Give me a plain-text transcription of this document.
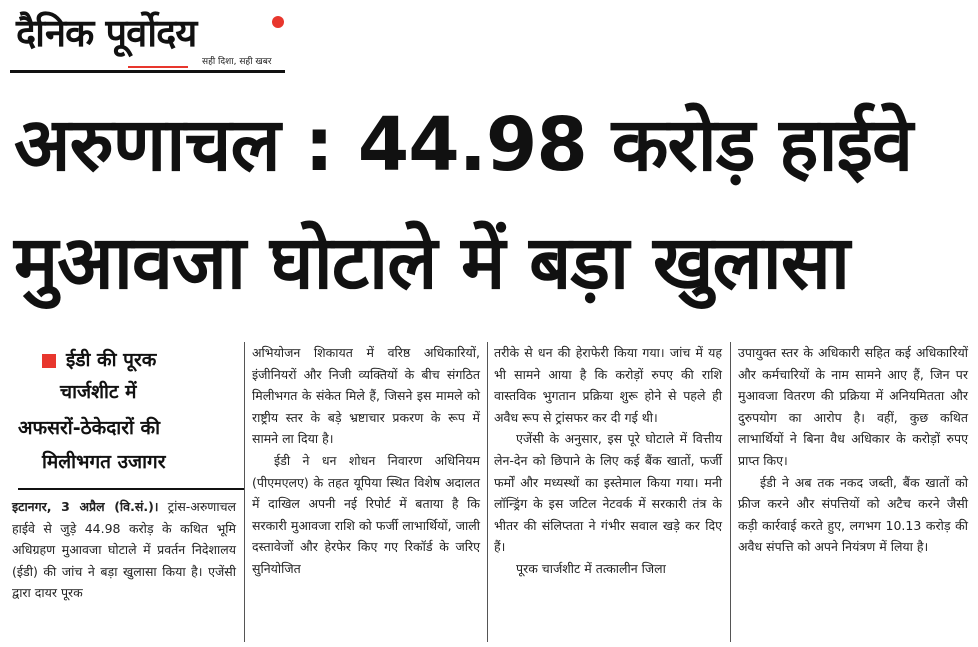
दैनिक पूर्वोदय
सही दिशा, सही खबर
अरुणाचल : 44.98 करोड़ हाईवे
मुआवजा घोटाले में बड़ा खुलासा
ईडी की पूरक
चार्जशीट में
अफसरों-ठेकेदारों की
मिलीभगत उजागर

इटानगर, 3 अप्रैल (वि.सं.)। ट्रांस-अरुणाचल हाईवे से जुड़े 44.98 करोड़ के कथित भूमि अधिग्रहण मुआवजा घोटाले में प्रवर्तन निदेशालय (ईडी) की जांच ने बड़ा खुलासा किया है। एजेंसी द्वारा दायर पूरक

अभियोजन शिकायत में वरिष्ठ अधिकारियों, इंजीनियरों और निजी व्यक्तियों के बीच संगठित मिलीभगत के संकेत मिले हैं, जिसने इस मामले को राष्ट्रीय स्तर के बड़े भ्रष्टाचार प्रकरण के रूप में सामने ला दिया है।

ईडी ने धन शोधन निवारण अधिनियम (पीएमएलए) के तहत यूपिया स्थित विशेष अदालत में दाखिल अपनी नई रिपोर्ट में बताया है कि सरकारी मुआवजा राशि को फर्जी लाभार्थियों, जाली दस्तावेजों और हेरफेर किए गए रिकॉर्ड के जरिए सुनियोजित

तरीके से धन की हेराफेरी किया गया। जांच में यह भी सामने आया है कि करोड़ों रुपए की राशि वास्तविक भुगतान प्रक्रिया शुरू होने से पहले ही अवैध रूप से ट्रांसफर कर दी गई थी।

एजेंसी के अनुसार, इस पूरे घोटाले में वित्तीय लेन-देन को छिपाने के लिए कई बैंक खातों, फर्जी फर्मों और मध्यस्थों का इस्तेमाल किया गया। मनी लॉन्ड्रिंग के इस जटिल नेटवर्क में सरकारी तंत्र के भीतर की संलिप्तता ने गंभीर सवाल खड़े कर दिए हैं।

पूरक चार्जशीट में तत्कालीन जिला

उपायुक्त स्तर के अधिकारी सहित कई अधिकारियों और कर्मचारियों के नाम सामने आए हैं, जिन पर मुआवजा वितरण की प्रक्रिया में अनियमितता और दुरुपयोग का आरोप है। वहीं, कुछ कथित लाभार्थियों ने बिना वैध अधिकार के करोड़ों रुपए प्राप्त किए।

ईडी ने अब तक नकद जब्ती, बैंक खातों को फ्रीज करने और संपत्तियों को अटैच करने जैसी कड़ी कार्रवाई करते हुए, लगभग 10.13 करोड़ की अवैध संपत्ति को अपने नियंत्रण में लिया है।
